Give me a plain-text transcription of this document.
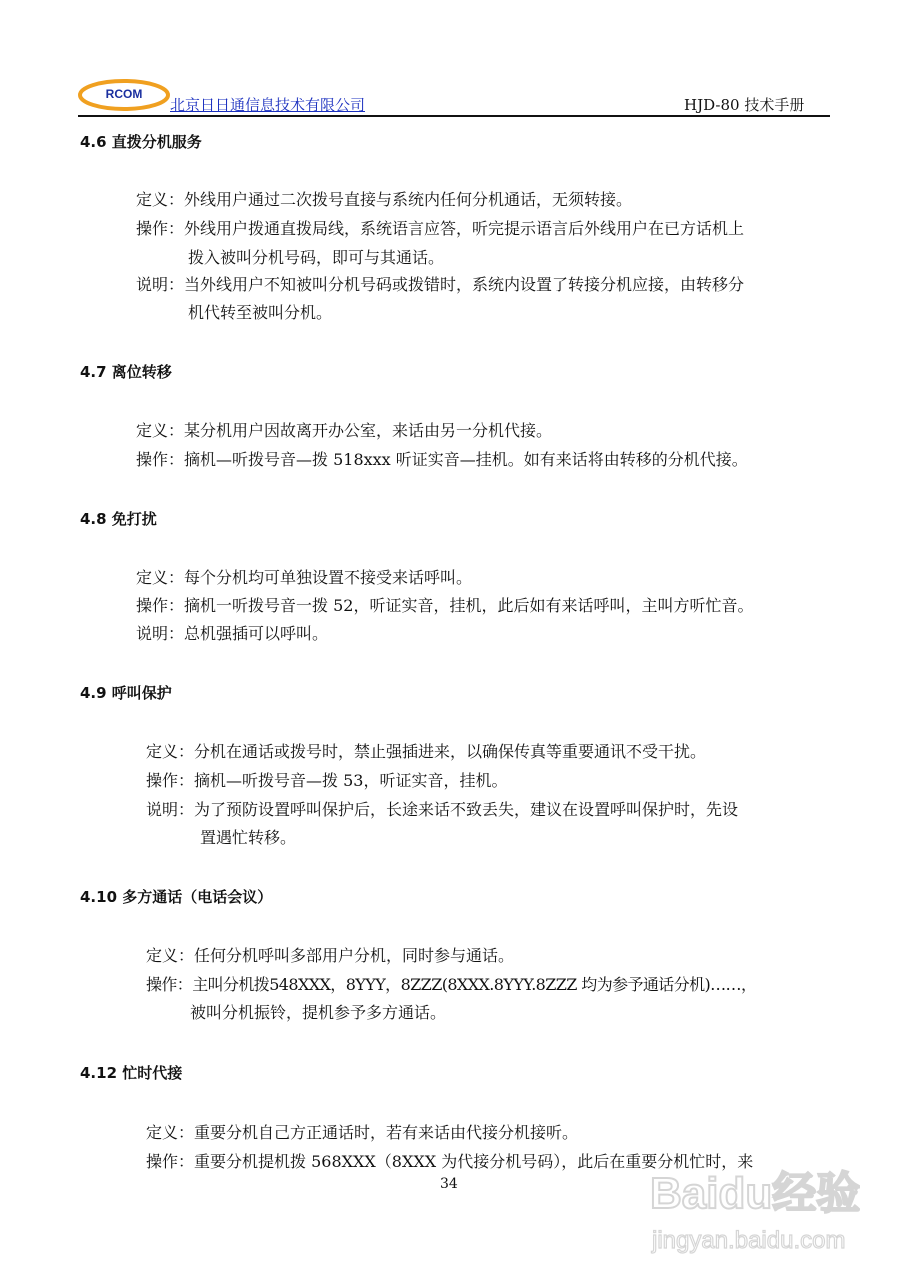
RCOM
北京日日通信息技术有限公司	HJD-80 技术手册
4.6 直拨分机服务
定义：外线用户通过二次拨号直接与系统内任何分机通话，无须转接。
操作：外线用户拨通直拨局线，系统语言应答，听完提示语言后外线用户在已方话机上
拨入被叫分机号码，即可与其通话。
说明：当外线用户不知被叫分机号码或拨错时，系统内设置了转接分机应接，由转移分
机代转至被叫分机。
4.7 离位转移
定义：某分机用户因故离开办公室，来话由另一分机代接。
操作：摘机—听拨号音—拨 518xxx 听证实音—挂机。如有来话将由转移的分机代接。
4.8 免打扰
定义：每个分机均可单独设置不接受来话呼叫。
操作：摘机一听拨号音一拨 52，听证实音，挂机，此后如有来话呼叫，主叫方听忙音。
说明：总机强插可以呼叫。
4.9 呼叫保护
定义：分机在通话或拨号时，禁止强插进来，以确保传真等重要通讯不受干扰。
操作：摘机—听拨号音—拨 53，听证实音，挂机。
说明：为了预防设置呼叫保护后，长途来话不致丢失，建议在设置呼叫保护时，先设
置遇忙转移。
4.10 多方通话（电话会议）
定义：任何分机呼叫多部用户分机，同时参与通话。
操作：主叫分机拨548XXX，8YYY，8ZZZ(8XXX.8YYY.8ZZZ 均为参予通话分机)……，
被叫分机振铃，提机参予多方通话。
4.12 忙时代接
定义：重要分机自己方正通话时，若有来话由代接分机接听。
操作：重要分机提机拨 568XXX（8XXX 为代接分机号码），此后在重要分机忙时，来
34	Baidu经验
jingyan.baidu.com
